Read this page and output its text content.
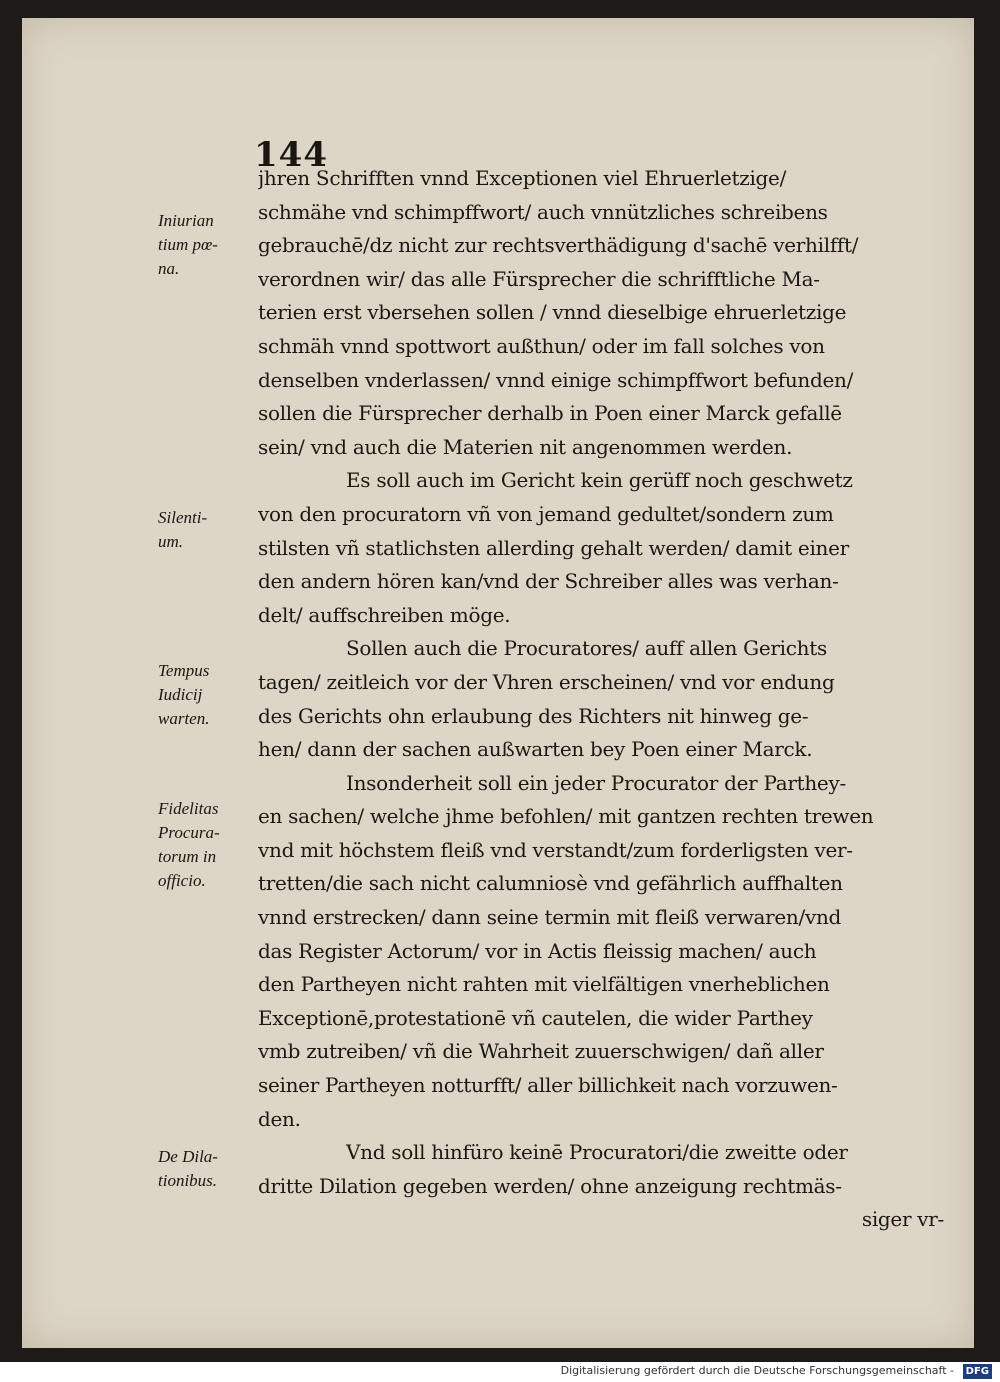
144

Iniurian
tium pœ-
na.

Silenti-
um.

Tempus
Iudicij
warten.

Fidelitas
Procura-
torum in
officio.

De Dila-
tionibus.

jhren Schrifften vnnd Exceptionen viel Ehruerletzige/
schmähe vnd schimpffwort/ auch vnnützliches schreibens
gebrauchē/dz nicht zur rechtsverthädigung d'sachē verhilfft/
verordnen wir/ das alle Fürsprecher die schrifftliche Ma-
terien erst vbersehen sollen / vnnd dieselbige ehruerletzige
schmäh vnnd spottwort außthun/ oder im fall solches von
denselben vnderlassen/ vnnd einige schimpffwort befunden/
sollen die Fürsprecher derhalb in Poen einer Marck gefallē
sein/ vnd auch die Materien nit angenommen werden.
Es soll auch im Gericht kein gerüff noch geschwetz
von den procuratorn vñ von jemand gedultet/sondern zum
stilsten vñ statlichsten allerding gehalt werden/ damit einer
den andern hören kan/vnd der Schreiber alles was verhan-
delt/ auffschreiben möge.
Sollen auch die Procuratores/ auff allen Gerichts
tagen/ zeitleich vor der Vhren erscheinen/ vnd vor endung
des Gerichts ohn erlaubung des Richters nit hinweg ge-
hen/ dann der sachen außwarten bey Poen einer Marck.
Insonderheit soll ein jeder Procurator der Parthey-
en sachen/ welche jhme befohlen/ mit gantzen rechten trewen
vnd mit höchstem fleiß vnd verstandt/zum forderligsten ver-
tretten/die sach nicht calumniosè vnd gefährlich auffhalten
vnnd erstrecken/ dann seine termin mit fleiß verwaren/vnd
das Register Actorum/ vor in Actis fleissig machen/ auch
den Partheyen nicht rahten mit vielfältigen vnerheblichen
Exceptionē,protestationē vñ cautelen, die wider Parthey
vmb zutreiben/ vñ die Wahrheit zuuerschwigen/ dañ aller
seiner Partheyen notturfft/ aller billichkeit nach vorzuwen-
den.
Vnd soll hinfüro keinē Procuratori/die zweitte oder
dritte Dilation gegeben werden/ ohne anzeigung rechtmäs-
siger vr-

Digitalisierung gefördert durch die Deutsche Forschungsgemeinschaft -	DFG
